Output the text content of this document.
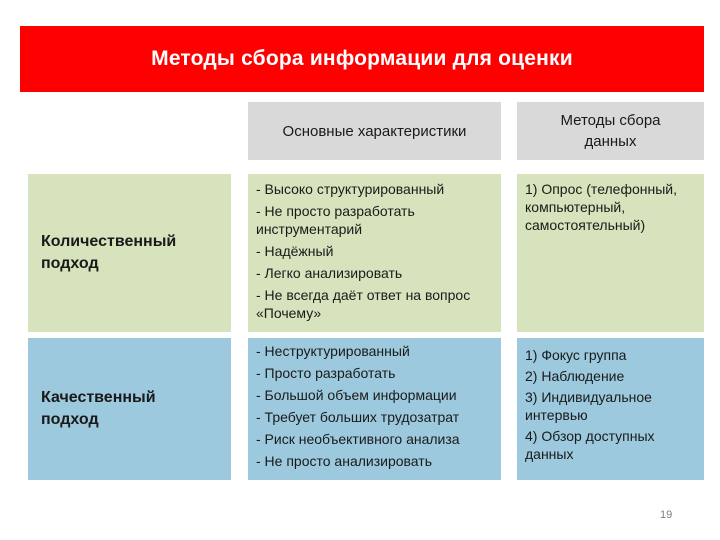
Методы сбора информации для оценки
Основные характеристики
Методы сбора
данных
Количественный
подход
- Высоко структурированный
- Не просто разработать инструментарий
- Надёжный
- Легко анализировать
- Не всегда даёт ответ на вопрос «Почему»
1) Опрос (телефонный, компьютерный, самостоятельный)
Качественный
подход
- Неструктурированный
- Просто разработать
- Большой объем информации
- Требует больших трудозатрат
- Риск необъективного анализа
- Не просто анализировать
1) Фокус группа
2) Наблюдение
3) Индивидуальное интервью
4) Обзор доступных данных
19
